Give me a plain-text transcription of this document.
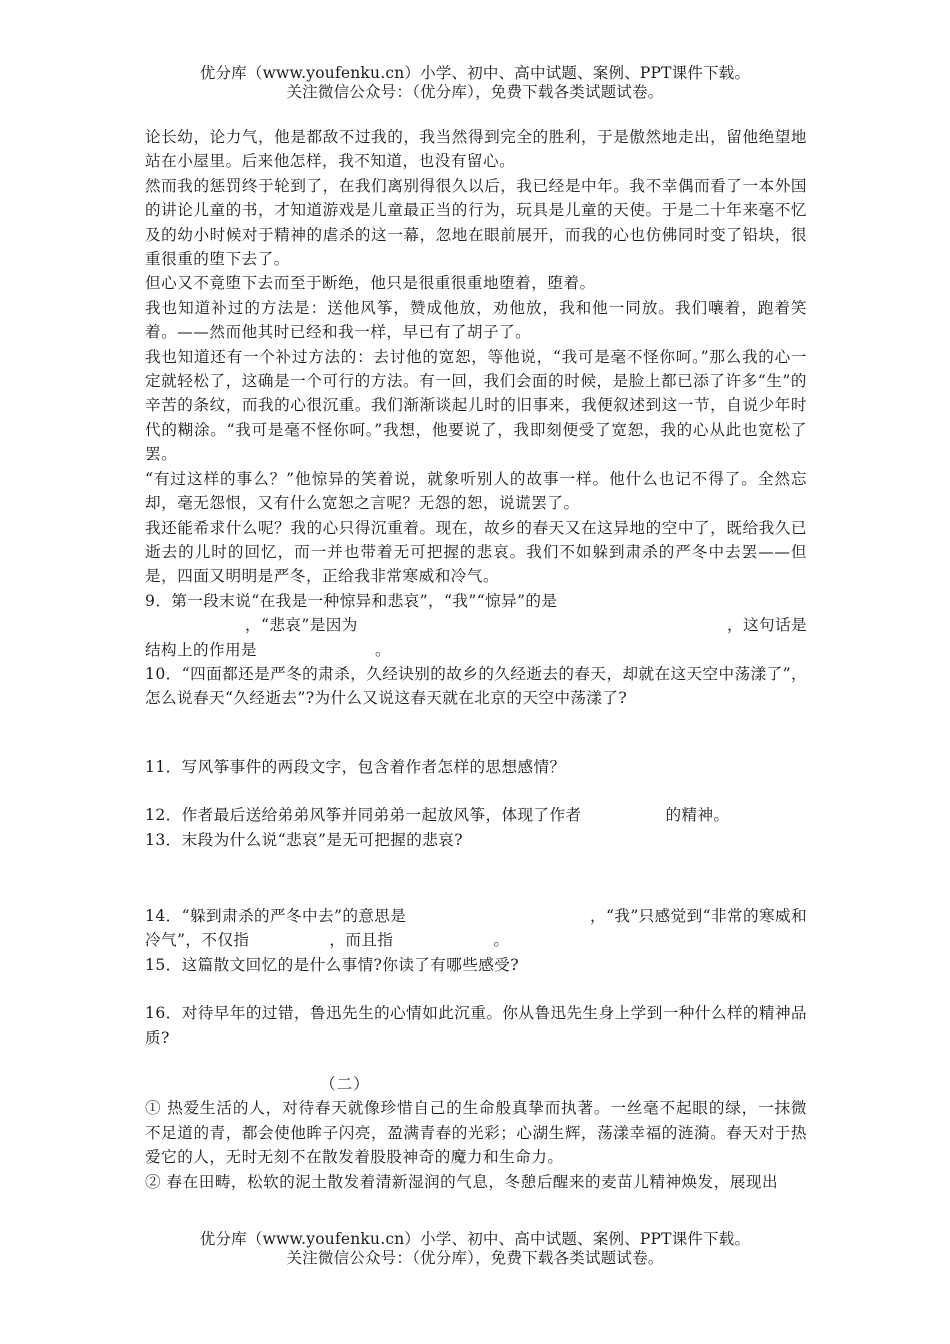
优分库（www.youfenku.cn）小学、初中、高中试题、案例、PPT课件下载。
关注微信公众号：（优分库），免费下载各类试题试卷。
论长幼，论力气，他是都敌不过我的，我当然得到完全的胜利，于是傲然地走出，留他绝望地站在小屋里。后来他怎样，我不知道，也没有留心。
然而我的惩罚终于轮到了，在我们离别得很久以后，我已经是中年。我不幸偶而看了一本外国的讲论儿童的书，才知道游戏是儿童最正当的行为，玩具是儿童的天使。于是二十年来毫不忆及的幼小时候对于精神的虐杀的这一幕，忽地在眼前展开，而我的心也仿佛同时变了铅块，很重很重的堕下去了。
但心又不竟堕下去而至于断绝，他只是很重很重地堕着，堕着。
我也知道补过的方法是：送他风筝，赞成他放，劝他放，我和他一同放。我们嚷着，跑着笑着。——然而他其时已经和我一样，早已有了胡子了。
我也知道还有一个补过方法的：去讨他的宽恕，等他说，“我可是毫不怪你呵。”那么我的心一定就轻松了，这确是一个可行的方法。有一回，我们会面的时候，是脸上都已添了许多“生”的辛苦的条纹，而我的心很沉重。我们渐渐谈起儿时的旧事来，我便叙述到这一节，自说少年时代的糊涂。“我可是毫不怪你呵。”我想，他要说了，我即刻便受了宽恕，我的心从此也宽松了罢。
“有过这样的事么？”他惊异的笑着说，就象听别人的故事一样。他什么也记不得了。全然忘却，毫无怨恨，又有什么宽恕之言呢？无怨的恕，说谎罢了。
我还能希求什么呢？我的心只得沉重着。现在，故乡的春天又在这异地的空中了，既给我久已逝去的儿时的回忆，而一并也带着无可把握的悲哀。我们不如躲到肃杀的严冬中去罢——但是，四面又明明是严冬，正给我非常寒威和冷气。
9．第一段末说“在我是一种惊异和悲哀”，“我”“惊异”的是
，“悲哀”是因为	，这句话是
结构上的作用是	。
10．“四面都还是严冬的肃杀，久经诀别的故乡的久经逝去的春天，却就在这天空中荡漾了”，怎么说春天“久经逝去”?为什么又说这春天就在北京的天空中荡漾了?
11．写风筝事件的两段文字，包含着作者怎样的思想感情？
12．作者最后送给弟弟风筝并同弟弟一起放风筝，体现了作者	的精神。
13．末段为什么说“悲哀”是无可把握的悲哀?
14．“躲到肃杀的严冬中去”的意思是	，“我”只感觉到“非常的寒威和
冷气”，不仅指	，而且指	。
15．这篇散文回忆的是什么事情?你读了有哪些感受?
16．对待早年的过错，鲁迅先生的心情如此沉重。你从鲁迅先生身上学到一种什么样的精神品质?
（二）
① 热爱生活的人，对待春天就像珍惜自己的生命般真挚而执著。一丝毫不起眼的绿，一抹微不足道的青，都会使他眸子闪亮，盈满青春的光彩；心湖生辉，荡漾幸福的涟漪。春天对于热爱它的人，无时无刻不在散发着股股神奇的魔力和生命力。
② 春在田畴，松软的泥土散发着清新湿润的气息，冬憩后醒来的麦苗儿精神焕发，展现出
优分库（www.youfenku.cn）小学、初中、高中试题、案例、PPT课件下载。
关注微信公众号：（优分库），免费下载各类试题试卷。
